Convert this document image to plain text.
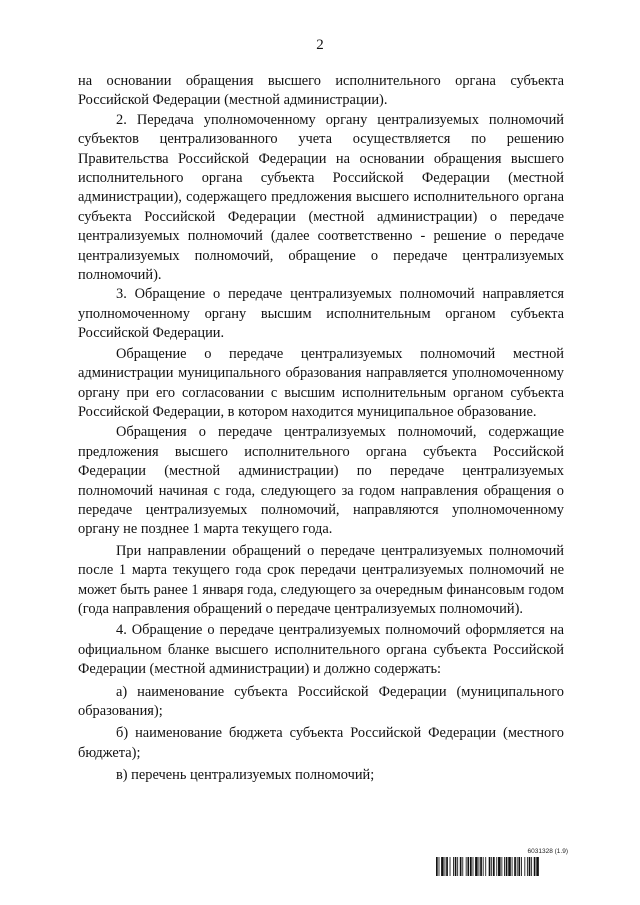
2

на основании обращения высшего исполнительного органа субъекта Российской Федерации (местной администрации).

2. Передача уполномоченному органу централизуемых полномочий субъектов централизованного учета осуществляется по решению Правительства Российской Федерации на основании обращения высшего исполнительного органа субъекта Российской Федерации (местной администрации), содержащего предложения высшего исполнительного органа субъекта Российской Федерации (местной администрации) о передаче централизуемых полномочий (далее соответственно - решение о передаче централизуемых полномочий, обращение о передаче централизуемых полномочий).

3. Обращение о передаче централизуемых полномочий направляется уполномоченному органу высшим исполнительным органом субъекта Российской Федерации.

Обращение о передаче централизуемых полномочий местной администрации муниципального образования направляется уполномоченному органу при его согласовании с высшим исполнительным органом субъекта Российской Федерации, в котором находится муниципальное образование.

Обращения о передаче централизуемых полномочий, содержащие предложения высшего исполнительного органа субъекта Российской Федерации (местной администрации) по передаче централизуемых полномочий начиная с года, следующего за годом направления обращения о передаче централизуемых полномочий, направляются уполномоченному органу не позднее 1 марта текущего года.

При направлении обращений о передаче централизуемых полномочий после 1 марта текущего года срок передачи централизуемых полномочий не может быть ранее 1 января года, следующего за очередным финансовым годом (года направления обращений о передаче централизуемых полномочий).

4. Обращение о передаче централизуемых полномочий оформляется на официальном бланке высшего исполнительного органа субъекта Российской Федерации (местной администрации) и должно содержать:

а) наименование субъекта Российской Федерации (муниципального образования);

б) наименование бюджета субъекта Российской Федерации (местного бюджета);

в) перечень централизуемых полномочий;

6031328 (1.9)
